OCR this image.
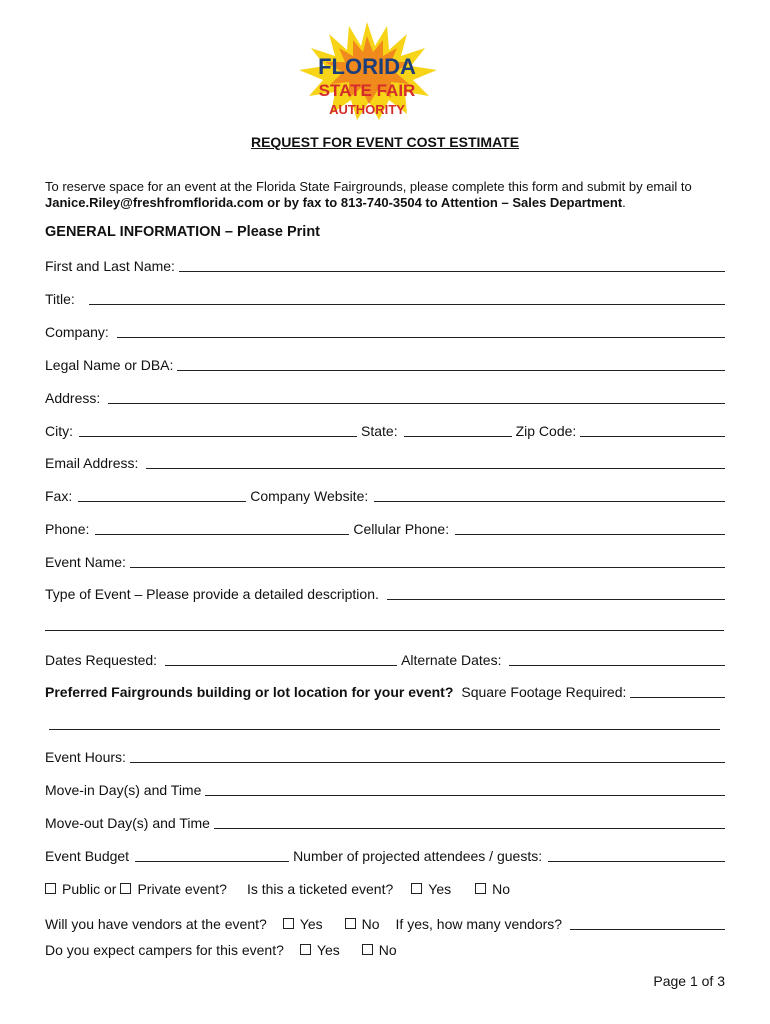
FLORIDA
STATE FAIR
AUTHORITY
REQUEST FOR EVENT COST ESTIMATE
To reserve space for an event at the Florida State Fairgrounds, please complete this form and submit by email to
Janice.Riley@freshfromflorida.com or by fax to 813-740-3504 to Attention – Sales Department.
GENERAL INFORMATION – Please Print
First and Last Name:
Title:
Company:
Legal Name or DBA:
Address:
City:	State:	Zip Code:
Email Address:
Fax:	Company Website:
Phone:	Cellular Phone:
Event Name:
Type of Event – Please provide a detailed description.
Dates Requested:	Alternate Dates:
Preferred Fairgrounds building or lot location for your event? Square Footage Required:
Event Hours:
Move-in Day(s) and Time
Move-out Day(s) and Time
Event Budget	Number of projected attendees / guests:
Public or Private event? Is this a ticketed event?	Yes	No
Will you have vendors at the event? Yes	No If yes, how many vendors?
Do you expect campers for this event? Yes	No
Page 1 of 3
